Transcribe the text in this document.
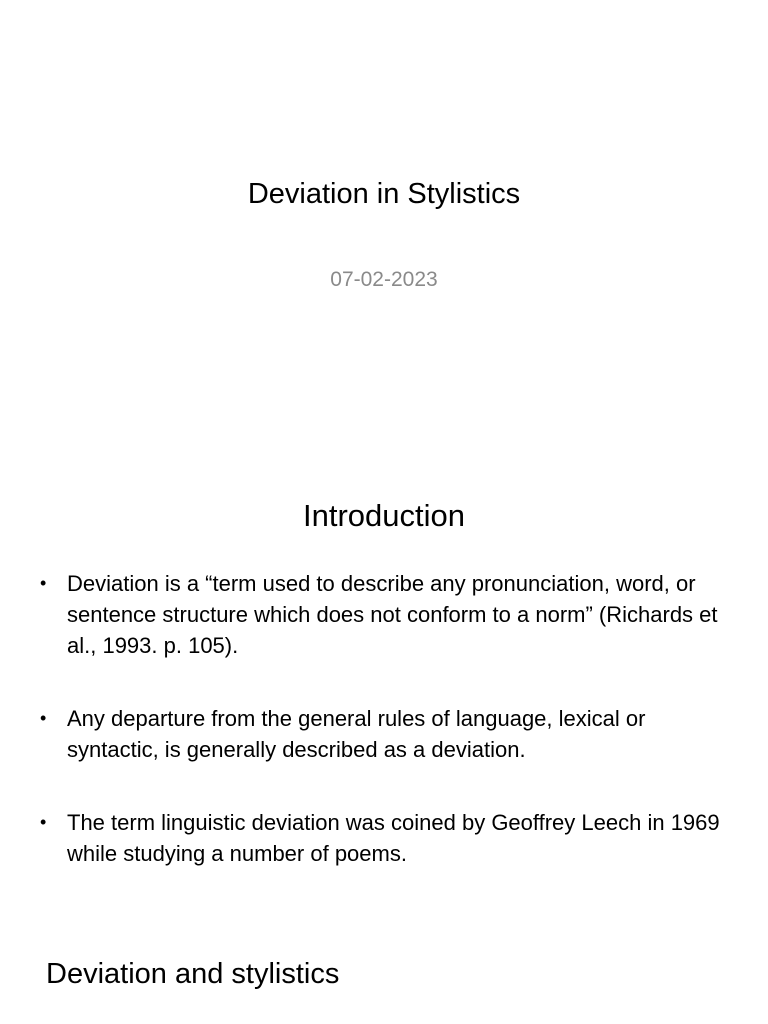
Deviation in Stylistics
07-02-2023
Introduction
• Deviation is a “term used to describe any pronunciation, word, or sentence structure which does not conform to a norm” (Richards et al., 1993. p. 105).
• Any departure from the general rules of language, lexical or syntactic, is generally described as a deviation.
• The term linguistic deviation was coined by Geoffrey Leech in 1969 while studying a number of poems.
Deviation and stylistics
